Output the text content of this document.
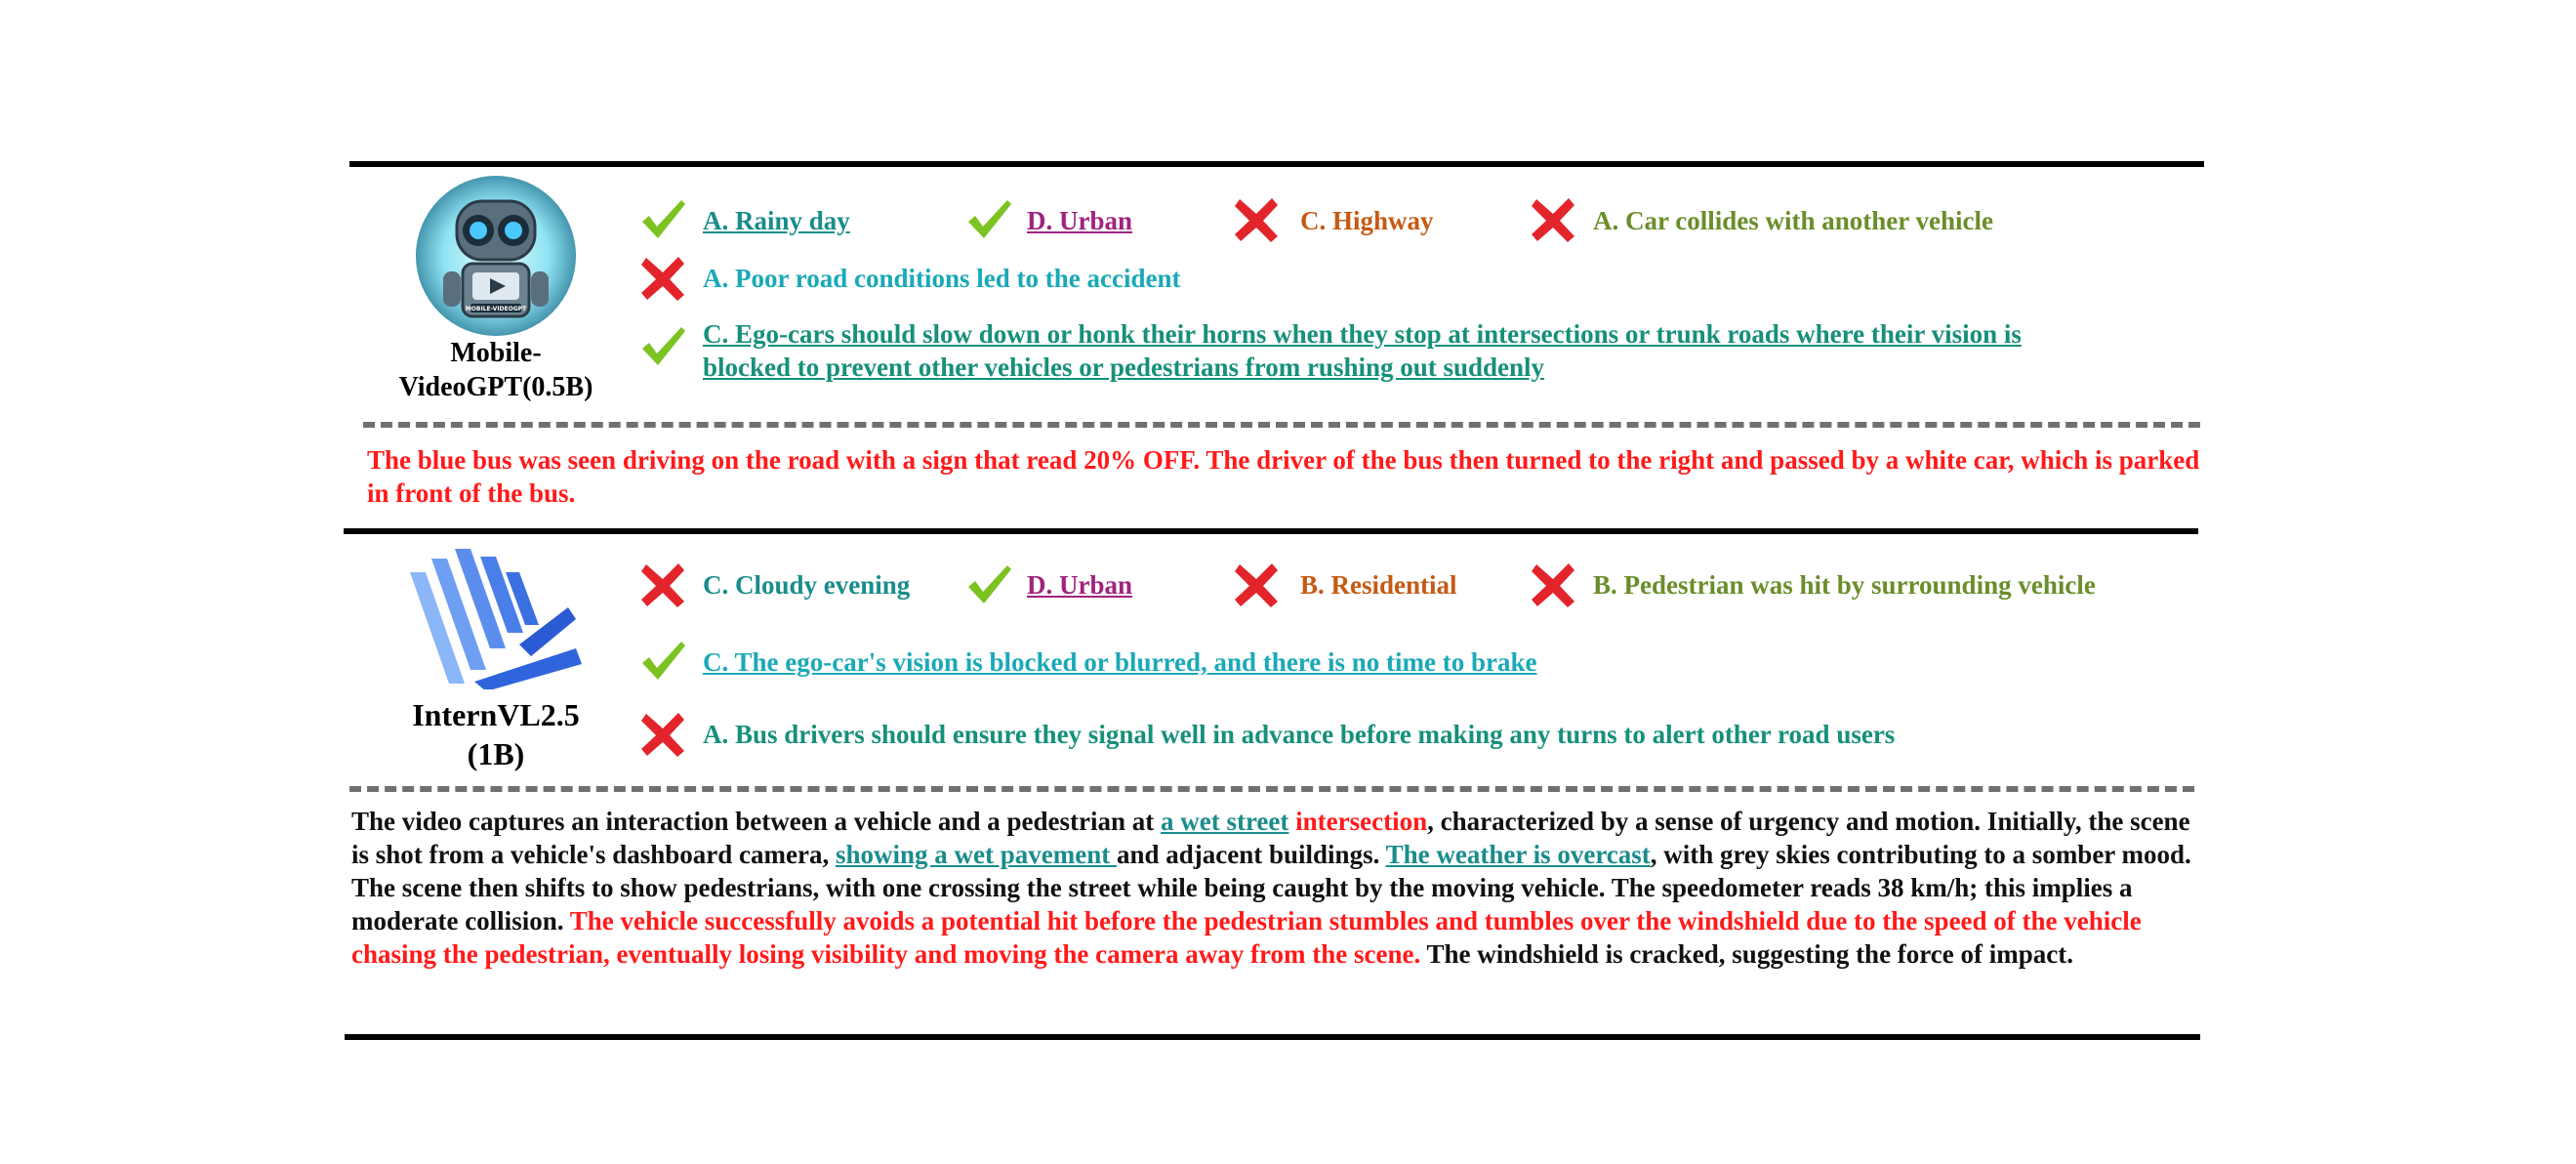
MOBILE-VIDEOGPT
Mobile-
VideoGPT(0.5B)
A. Rainy day	D. Urban	C. Highway	A. Car collides with another vehicle
A. Poor road conditions led to the accident
C. Ego-cars should slow down or honk their horns when they stop at intersections or trunk roads where their vision is blocked to prevent other vehicles or pedestrians from rushing out suddenly
The blue bus was seen driving on the road with a sign that read 20% OFF. The driver of the bus then turned to the right and passed by a white car, which is parked in front of the bus.
InternVL2.5
(1B)
C. Cloudy evening	D. Urban	B. Residential	B. Pedestrian was hit by surrounding vehicle
C. The ego-car's vision is blocked or blurred, and there is no time to brake
A. Bus drivers should ensure they signal well in advance before making any turns to alert other road users
The video captures an interaction between a vehicle and a pedestrian at a wet street intersection, characterized by a sense of urgency and motion. Initially, the scene is shot from a vehicle's dashboard camera, showing a wet pavement and adjacent buildings. The weather is overcast, with grey skies contributing to a somber mood. The scene then shifts to show pedestrians, with one crossing the street while being caught by the moving vehicle. The speedometer reads 38 km/h; this implies a moderate collision. The vehicle successfully avoids a potential hit before the pedestrian stumbles and tumbles over the windshield due to the speed of the vehicle chasing the pedestrian, eventually losing visibility and moving the camera away from the scene. The windshield is cracked, suggesting the force of impact.
